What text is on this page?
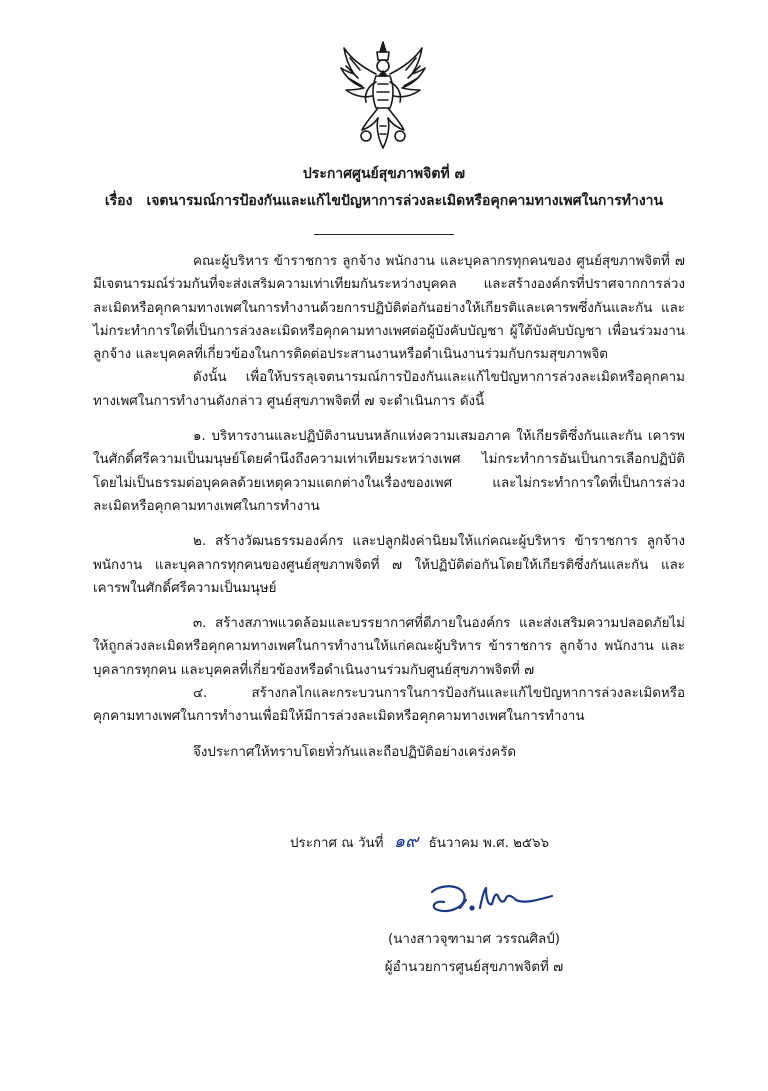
ประกาศศูนย์สุขภาพจิตที่ ๗
เรื่อง เจตนารมณ์การป้องกันและแก้ไขปัญหาการล่วงละเมิดหรือคุกคามทางเพศในการทำงาน

คณะผู้บริหาร ข้าราชการ ลูกจ้าง พนักงาน และบุคลากรทุกคนของ ศูนย์สุขภาพจิตที่ ๗ มีเจตนารมณ์ร่วมกันที่จะส่งเสริมความเท่าเทียมกันระหว่างบุคคล และสร้างองค์กรที่ปราศจากการล่วงละเมิดหรือคุกคามทางเพศในการทำงานด้วยการปฏิบัติต่อกันอย่างให้เกียรติและเคารพซึ่งกันและกัน และไม่กระทำการใดที่เป็นการล่วงละเมิดหรือคุกคามทางเพศต่อผู้บังคับบัญชา ผู้ใต้บังคับบัญชา เพื่อนร่วมงาน ลูกจ้าง และบุคคลที่เกี่ยวข้องในการติดต่อประสานงานหรือดำเนินงานร่วมกับกรมสุขภาพจิต

ดังนั้น เพื่อให้บรรลุเจตนารมณ์การป้องกันและแก้ไขปัญหาการล่วงละเมิดหรือคุกคามทางเพศในการทำงานดังกล่าว ศูนย์สุขภาพจิตที่ ๗ จะดำเนินการ ดังนี้

๑. บริหารงานและปฏิบัติงานบนหลักแห่งความเสมอภาค ให้เกียรติซึ่งกันและกัน เคารพในศักดิ์ศรีความเป็นมนุษย์โดยคำนึงถึงความเท่าเทียมระหว่างเพศ ไม่กระทำการอันเป็นการเลือกปฏิบัติโดยไม่เป็นธรรมต่อบุคคลด้วยเหตุความแตกต่างในเรื่องของเพศ และไม่กระทำการใดที่เป็นการล่วงละเมิดหรือคุกคามทางเพศในการทำงาน

๒. สร้างวัฒนธรรมองค์กร และปลูกฝังค่านิยมให้แก่คณะผู้บริหาร ข้าราชการ ลูกจ้าง พนักงาน และบุคลากรทุกคนของศูนย์สุขภาพจิตที่ ๗ ให้ปฏิบัติต่อกันโดยให้เกียรติซึ่งกันและกัน และเคารพในศักดิ์ศรีความเป็นมนุษย์

๓. สร้างสภาพแวดล้อมและบรรยากาศที่ดีภายในองค์กร และส่งเสริมความปลอดภัยไม่ให้ถูกล่วงละเมิดหรือคุกคามทางเพศในการทำงานให้แก่คณะผู้บริหาร ข้าราชการ ลูกจ้าง พนักงาน และบุคลากรทุกคน และบุคคลที่เกี่ยวข้องหรือดำเนินงานร่วมกับศูนย์สุขภาพจิตที่ ๗

๔. สร้างกลไกและกระบวนการในการป้องกันและแก้ไขปัญหาการล่วงละเมิดหรือคุกคามทางเพศในการทำงานเพื่อมิให้มีการล่วงละเมิดหรือคุกคามทางเพศในการทำงาน

จึงประกาศให้ทราบโดยทั่วกันและถือปฏิบัติอย่างเคร่งครัด

ประกาศ ณ วันที่ ๑๙ ธันวาคม พ.ศ. ๒๕๖๖
(นางสาวจุฑามาศ วรรณศิลป์)
ผู้อำนวยการศูนย์สุขภาพจิตที่ ๗
